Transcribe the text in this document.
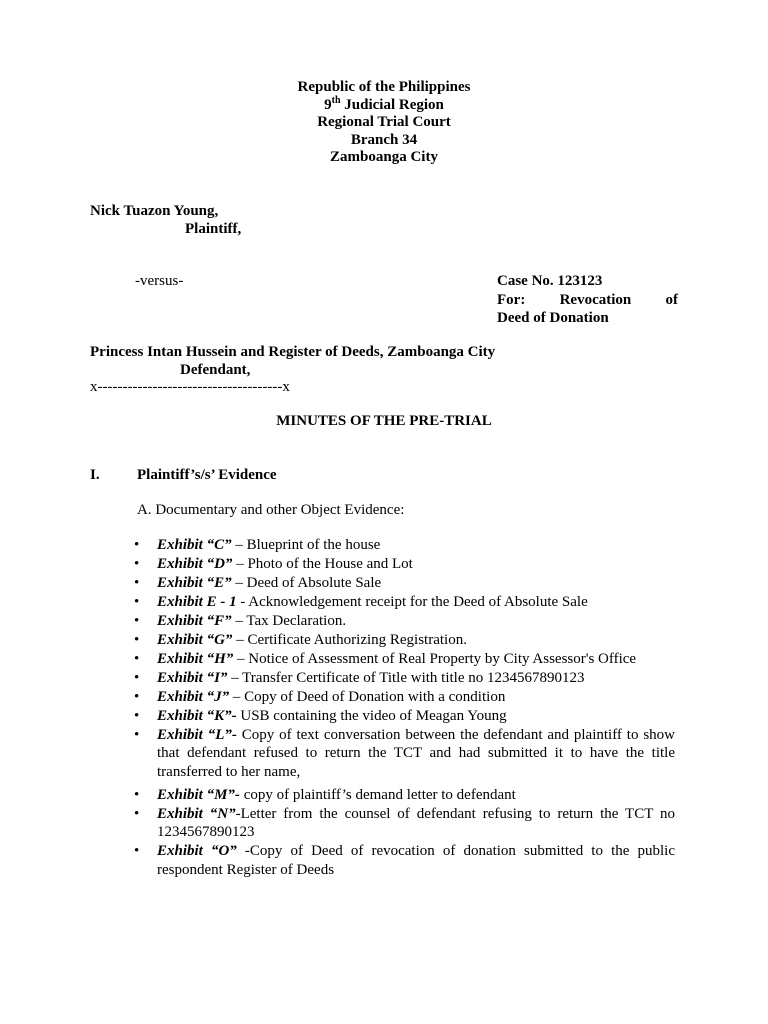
Republic of the Philippines
9th Judicial Region
Regional Trial Court
Branch 34
Zamboanga City
Nick Tuazon Young,
Plaintiff,
-versus-	Case No. 123123
For: Revocation of
Deed of Donation
Princess Intan Hussein and Register of Deeds, Zamboanga City
Defendant,
x-------------------------------------x
MINUTES OF THE PRE-TRIAL
I. Plaintiff’s/s’ Evidence
A. Documentary and other Object Evidence:
• Exhibit “C” – Blueprint of the house
• Exhibit “D” – Photo of the House and Lot
• Exhibit “E” – Deed of Absolute Sale
• Exhibit E - 1 - Acknowledgement receipt for the Deed of Absolute Sale
• Exhibit “F” – Tax Declaration.
• Exhibit “G” – Certificate Authorizing Registration.
• Exhibit “H” – Notice of Assessment of Real Property by City Assessor's Office
• Exhibit “I” – Transfer Certificate of Title with title no 1234567890123
• Exhibit “J” – Copy of Deed of Donation with a condition
• Exhibit “K”- USB containing the video of Meagan Young
• Exhibit “L”- Copy of text conversation between the defendant and plaintiff to show that defendant refused to return the TCT and had submitted it to have the title transferred to her name,
• Exhibit “M”- copy of plaintiff’s demand letter to defendant
• Exhibit “N”-Letter from the counsel of defendant refusing to return the TCT no 1234567890123
• Exhibit “O” -Copy of Deed of revocation of donation submitted to the public respondent Register of Deeds
